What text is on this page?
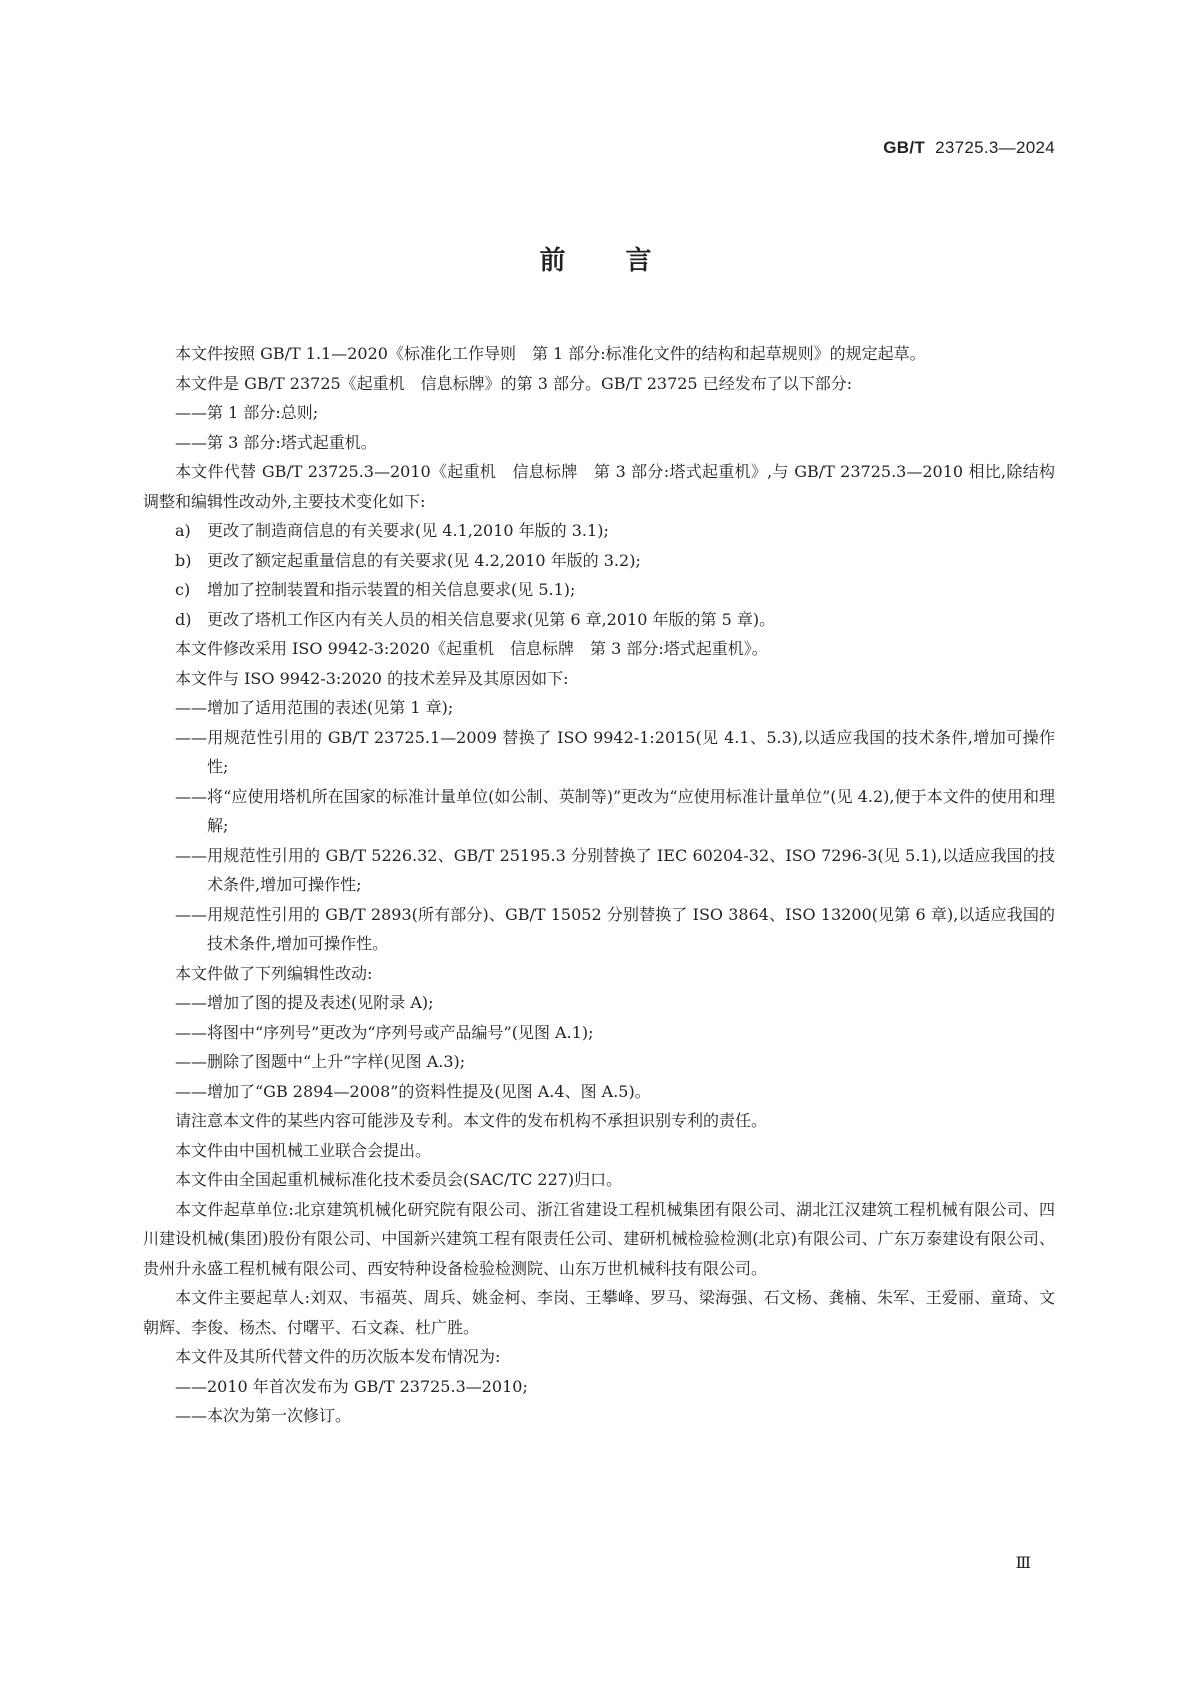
GB/T 23725.3—2024
前言
本文件按照 GB/T 1.1—2020《标准化工作导则　第 1 部分:标准化文件的结构和起草规则》的规定起草。
本文件是 GB/T 23725《起重机　信息标牌》的第 3 部分。GB/T 23725 已经发布了以下部分:
——第 1 部分:总则;
——第 3 部分:塔式起重机。
本文件代替 GB/T 23725.3—2010《起重机　信息标牌　第 3 部分:塔式起重机》,与 GB/T 23725.3—2010 相比,除结构调整和编辑性改动外,主要技术变化如下:
a) 更改了制造商信息的有关要求(见 4.1,2010 年版的 3.1);
b) 更改了额定起重量信息的有关要求(见 4.2,2010 年版的 3.2);
c) 增加了控制装置和指示装置的相关信息要求(见 5.1);
d) 更改了塔机工作区内有关人员的相关信息要求(见第 6 章,2010 年版的第 5 章)。
本文件修改采用 ISO 9942-3:2020《起重机　信息标牌　第 3 部分:塔式起重机》。
本文件与 ISO 9942-3:2020 的技术差异及其原因如下:
——增加了适用范围的表述(见第 1 章);
——用规范性引用的 GB/T 23725.1—2009 替换了 ISO 9942-1:2015(见 4.1、5.3),以适应我国的技术条件,增加可操作性;
——将“应使用塔机所在国家的标准计量单位(如公制、英制等)”更改为“应使用标准计量单位”(见 4.2),便于本文件的使用和理解;
——用规范性引用的 GB/T 5226.32、GB/T 25195.3 分别替换了 IEC 60204-32、ISO 7296-3(见 5.1),以适应我国的技术条件,增加可操作性;
——用规范性引用的 GB/T 2893(所有部分)、GB/T 15052 分别替换了 ISO 3864、ISO 13200(见第 6 章),以适应我国的技术条件,增加可操作性。
本文件做了下列编辑性改动:
——增加了图的提及表述(见附录 A);
——将图中“序列号”更改为“序列号或产品编号”(见图 A.1);
——删除了图题中“上升”字样(见图 A.3);
——增加了“GB 2894—2008”的资料性提及(见图 A.4、图 A.5)。
请注意本文件的某些内容可能涉及专利。本文件的发布机构不承担识别专利的责任。
本文件由中国机械工业联合会提出。
本文件由全国起重机械标准化技术委员会(SAC/TC 227)归口。
本文件起草单位:北京建筑机械化研究院有限公司、浙江省建设工程机械集团有限公司、湖北江汉建筑工程机械有限公司、四川建设机械(集团)股份有限公司、中国新兴建筑工程有限责任公司、建研机械检验检测(北京)有限公司、广东万泰建设有限公司、贵州升永盛工程机械有限公司、西安特种设备检验检测院、山东万世机械科技有限公司。
本文件主要起草人:刘双、韦福英、周兵、姚金柯、李岗、王攀峰、罗马、梁海强、石文杨、龚楠、朱军、王爱丽、童琦、文朝辉、李俊、杨杰、付曙平、石文森、杜广胜。
本文件及其所代替文件的历次版本发布情况为:
——2010 年首次发布为 GB/T 23725.3—2010;
——本次为第一次修订。
Ⅲ
